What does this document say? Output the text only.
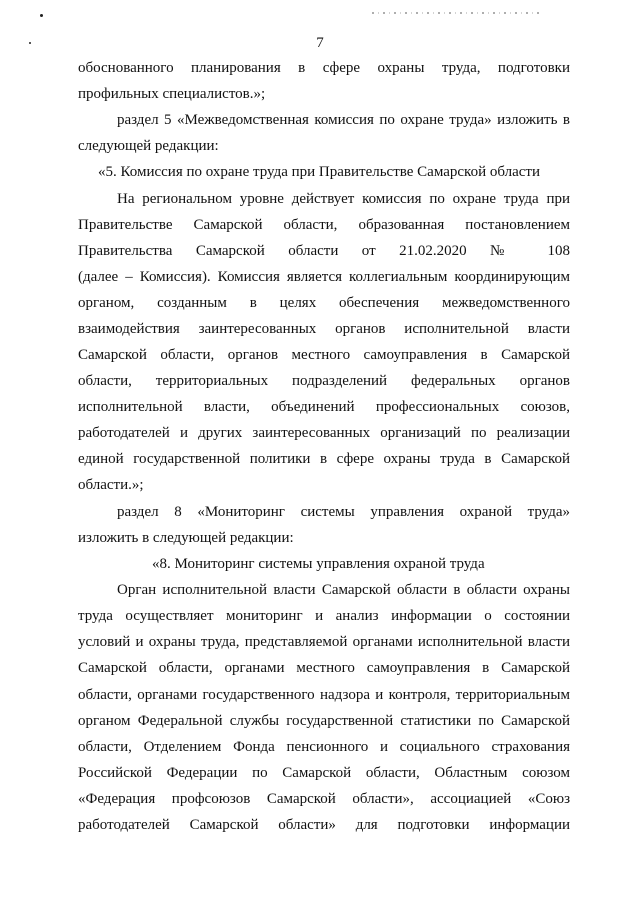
7
обоснованного планирования в сфере охраны труда, подготовки
профильных специалистов.»;
раздел 5 «Межведомственная комиссия по охране труда» изложить в
следующей редакции:
«5. Комиссия по охране труда при Правительстве Самарской области
На региональном уровне действует комиссия по охране труда при
Правительстве Самарской области, образованная постановлением
Правительства Самарской области от 21.02.2020 № 108
(далее – Комиссия). Комиссия является коллегиальным координирующим
органом, созданным в целях обеспечения межведомственного
взаимодействия заинтересованных органов исполнительной власти
Самарской области, органов местного самоуправления в Самарской
области, территориальных подразделений федеральных органов
исполнительной власти, объединений профессиональных союзов,
работодателей и других заинтересованных организаций по реализации
единой государственной политики в сфере охраны труда в Самарской
области.»;
раздел 8 «Мониторинг системы управления охраной труда»
изложить в следующей редакции:
«8. Мониторинг системы управления охраной труда
Орган исполнительной власти Самарской области в области охраны
труда осуществляет мониторинг и анализ информации о состоянии
условий и охраны труда, представляемой органами исполнительной власти
Самарской области, органами местного самоуправления в Самарской
области, органами государственного надзора и контроля, территориальным
органом Федеральной службы государственной статистики по Самарской
области, Отделением Фонда пенсионного и социального страхования
Российской Федерации по Самарской области, Областным союзом
«Федерация профсоюзов Самарской области», ассоциацией «Союз
работодателей Самарской области» для подготовки информации
